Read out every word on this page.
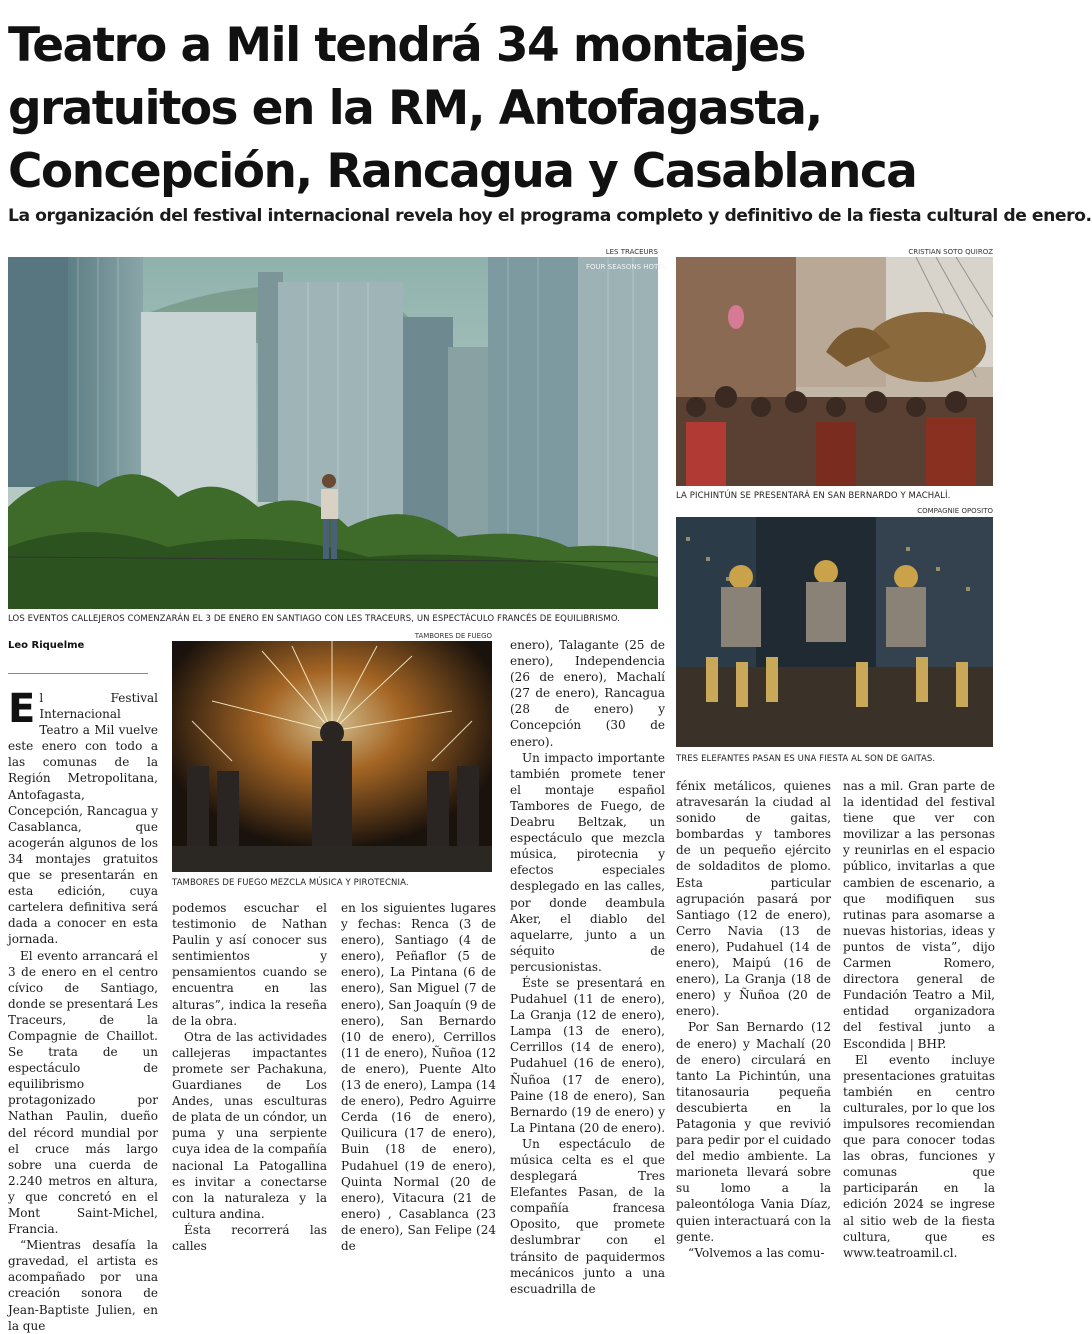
Teatro a Mil tendrá 34 montajes
gratuitos en la RM, Antofagasta,
Concepción, Rancagua y Casablanca
La organización del festival internacional revela hoy el programa completo y definitivo de la fiesta cultural de enero.
LES TRACEURS
FOUR SEASONS HOTEL
LOS EVENTOS CALLEJEROS COMENZARÁN EL 3 DE ENERO EN SANTIAGO CON LES TRACEURS, UN ESPECTÁCULO FRANCÉS DE EQUILIBRISMO.
CRISTIAN SOTO QUIROZ
LA PICHINTÚN SE PRESENTARÁ EN SAN BERNARDO Y MACHALÍ.
COMPAGNIE OPOSITO
TRES ELEFANTES PASAN ES UNA FIESTA AL SON DE GAITAS.
TAMBORES DE FUEGO
TAMBORES DE FUEGO MEZCLA MÚSICA Y PIROTECNIA.
Leo Riquelme

El Festival Internacional Teatro a Mil vuelve este enero con todo a las comunas de la Región Metropolitana, Antofagasta, Concepción, Rancagua y Casablanca, que acogerán algunos de los 34 montajes gratuitos que se presentarán en esta edición, cuya cartelera definitiva será dada a conocer en esta jornada.

El evento arrancará el 3 de enero en el centro cívico de Santiago, donde se presentará Les Traceurs, de la Compagnie de Chaillot. Se trata de un espectáculo de equilibrismo protagonizado por Nathan Paulin, dueño del récord mundial por el cruce más largo sobre una cuerda de 2.240 metros en altura, y que concretó en el Mont Saint-Michel, Francia.

“Mientras desafía la gravedad, el artista es acompañado por una creación sonora de Jean-Baptiste Julien, en la que

podemos escuchar el testimonio de Nathan Paulin y así conocer sus sentimientos y pensamientos cuando se encuentra en las alturas”, indica la reseña de la obra.

Otra de las actividades callejeras impactantes promete ser Pachakuna, Guardianes de Los Andes, unas esculturas de plata de un cóndor, un puma y una serpiente cuya idea de la compañía nacional La Patogallina es invitar a conectarse con la naturaleza y la cultura andina.

Ésta recorrerá las calles

en los siguientes lugares y fechas: Renca (3 de enero), Santiago (4 de enero), Peñaflor (5 de enero), La Pintana (6 de enero), San Miguel (7 de enero), San Joaquín (9 de enero), San Bernardo (10 de enero), Cerrillos (11 de enero), Ñuñoa (12 de enero), Puente Alto (13 de enero), Lampa (14 de enero), Pedro Aguirre Cerda (16 de enero), Quilicura (17 de enero), Buin (18 de enero), Pudahuel (19 de enero), Quinta Normal (20 de enero), Vitacura (21 de enero) , Casablanca (23 de enero), San Felipe (24 de

enero), Talagante (25 de enero), Independencia (26 de enero), Machalí (27 de enero), Rancagua (28 de enero) y Concepción (30 de enero).

Un impacto importante también promete tener el montaje español Tambores de Fuego, de Deabru Beltzak, un espectáculo que mezcla música, pirotecnia y efectos especiales desplegado en las calles, por donde deambula Aker, el diablo del aquelarre, junto a un séquito de percusionistas.

Éste se presentará en Pudahuel (11 de enero), La Granja (12 de enero), Lampa (13 de enero), Cerrillos (14 de enero), Pudahuel (16 de enero), Ñuñoa (17 de enero), Paine (18 de enero), San Bernardo (19 de enero) y La Pintana (20 de enero).

Un espectáculo de música celta es el que desplegará Tres Elefantes Pasan, de la compañía francesa Oposito, que promete deslumbrar con el tránsito de paquidermos mecánicos junto a una escuadrilla de

fénix metálicos, quienes atravesarán la ciudad al sonido de gaitas, bombardas y tambores de un pequeño ejército de soldaditos de plomo. Esta particular agrupación pasará por Santiago (12 de enero), Cerro Navia (13 de enero), Pudahuel (14 de enero), Maipú (16 de enero), La Granja (18 de enero) y Ñuñoa (20 de enero).

Por San Bernardo (12 de enero) y Machalí (20 de enero) circulará en tanto La Pichintún, una titanosauria pequeña descubierta en la Patagonia y que revivió para pedir por el cuidado del medio ambiente. La marioneta llevará sobre su lomo a la paleontóloga Vania Díaz, quien interactuará con la gente.

“Volvemos a las comu-

nas a mil. Gran parte de la identidad del festival tiene que ver con movilizar a las personas y reunirlas en el espacio público, invitarlas a que cambien de escenario, a que modifiquen sus rutinas para asomarse a nuevas historias, ideas y puntos de vista”, dijo Carmen Romero, directora general de Fundación Teatro a Mil, entidad organizadora del festival junto a Escondida | BHP.

El evento incluye presentaciones gratuitas también en centro culturales, por lo que los impulsores recomiendan que para conocer todas las obras, funciones y comunas que participarán en la edición 2024 se ingrese al sitio web de la fiesta cultura, que es www.teatroamil.cl.
